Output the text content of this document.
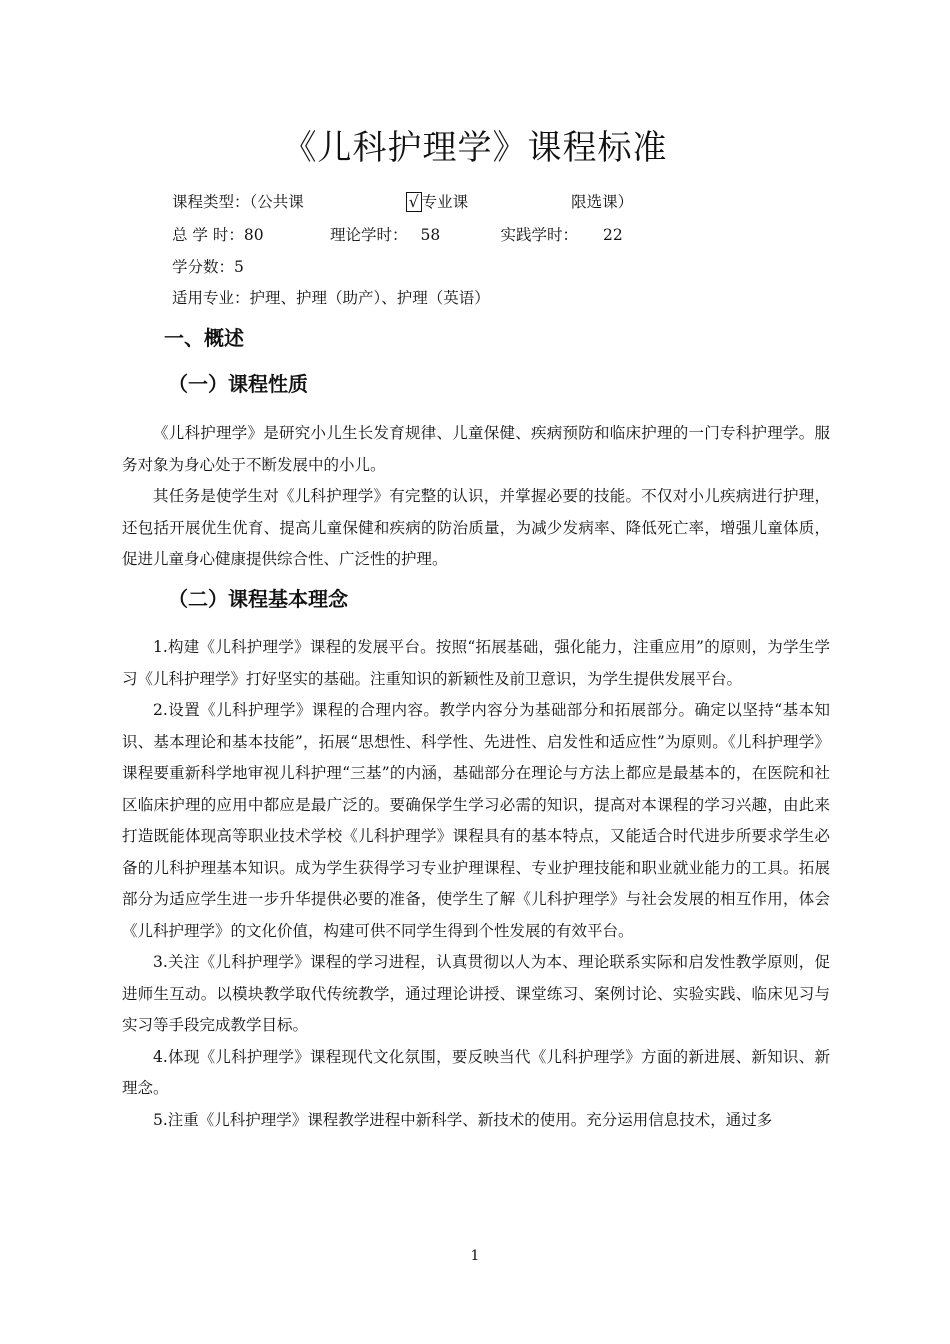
《儿科护理学》课程标准
课程类型：（公共课	√ 专业课	限选课）
总 学 时：80	理论学时： 58	实践学时： 22
学分数：5
适用专业：护理、护理（助产）、护理（英语）
一、概述
（一）课程性质

《儿科护理学》是研究小儿生长发育规律、儿童保健、疾病预防和临床护理的一门专科护理学。服务对象为身心处于不断发展中的小儿。

其任务是使学生对《儿科护理学》有完整的认识，并掌握必要的技能。不仅对小儿疾病进行护理，还包括开展优生优育、提高儿童保健和疾病的防治质量，为减少发病率、降低死亡率，增强儿童体质，促进儿童身心健康提供综合性、广泛性的护理。

（二）课程基本理念

1.构建《儿科护理学》课程的发展平台。按照“拓展基础，强化能力，注重应用”的原则，为学生学习《儿科护理学》打好坚实的基础。注重知识的新颖性及前卫意识，为学生提供发展平台。

2.设置《儿科护理学》课程的合理内容。教学内容分为基础部分和拓展部分。确定以坚持“基本知识、基本理论和基本技能”，拓展“思想性、科学性、先进性、启发性和适应性”为原则。《儿科护理学》课程要重新科学地审视儿科护理“三基”的内涵，基础部分在理论与方法上都应是最基本的，在医院和社区临床护理的应用中都应是最广泛的。要确保学生学习必需的知识，提高对本课程的学习兴趣，由此来打造既能体现高等职业技术学校《儿科护理学》课程具有的基本特点，又能适合时代进步所要求学生必备的儿科护理基本知识。成为学生获得学习专业护理课程、专业护理技能和职业就业能力的工具。拓展部分为适应学生进一步升华提供必要的准备，使学生了解《儿科护理学》与社会发展的相互作用，体会《儿科护理学》的文化价值，构建可供不同学生得到个性发展的有效平台。

3.关注《儿科护理学》课程的学习进程，认真贯彻以人为本、理论联系实际和启发性教学原则，促进师生互动。以模块教学取代传统教学，通过理论讲授、课堂练习、案例讨论、实验实践、临床见习与实习等手段完成教学目标。

4.体现《儿科护理学》课程现代文化氛围，要反映当代《儿科护理学》方面的新进展、新知识、新理念。

5.注重《儿科护理学》课程教学进程中新科学、新技术的使用。充分运用信息技术，通过多

1
